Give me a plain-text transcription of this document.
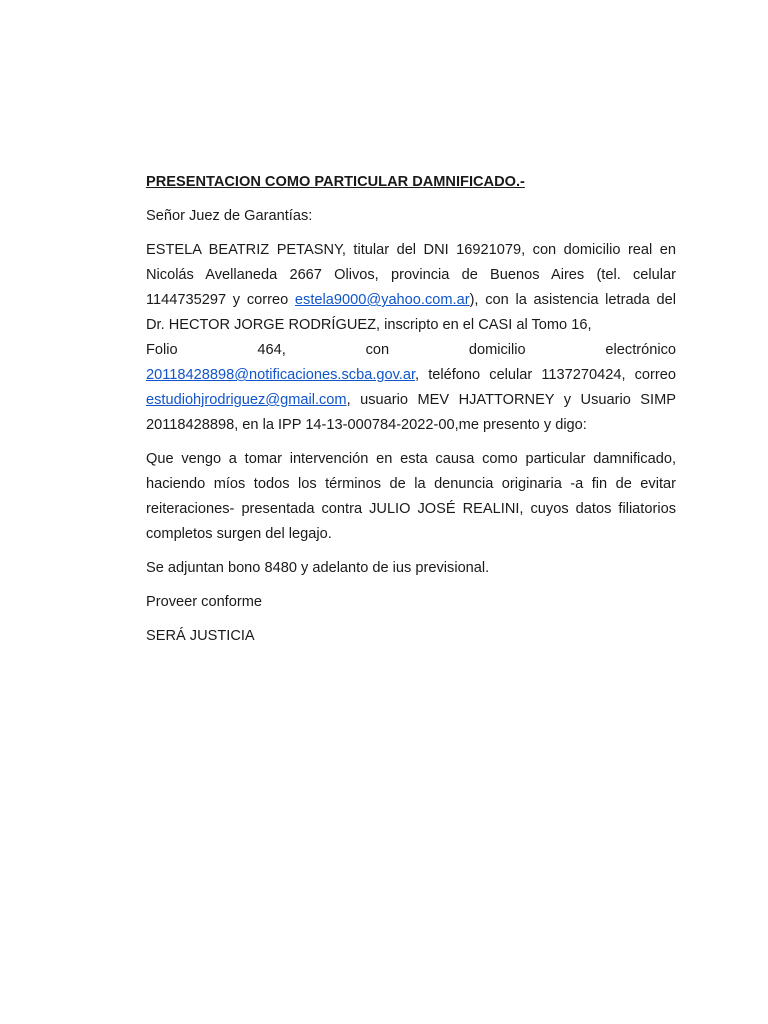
PRESENTACION COMO PARTICULAR DAMNIFICADO.-

Señor Juez de Garantías:

ESTELA BEATRIZ PETASNY, titular del DNI 16921079, con domicilio real en Nicolás Avellaneda 2667 Olivos, provincia de Buenos Aires (tel. celular 1144735297 y correo estela9000@yahoo.com.ar), con la asistencia letrada del Dr. HECTOR JORGE RODRÍGUEZ, inscripto en el CASI al Tomo 16,
Folio	464,	con	domicilio	electrónico
20118428898@notificaciones.scba.gov.ar, teléfono celular 1137270424, correo estudiohjrodriguez@gmail.com, usuario MEV HJATTORNEY y Usuario SIMP 20118428898, en la IPP 14-13-000784-2022-00,me presento y digo:

Que vengo a tomar intervención en esta causa como particular damnificado, haciendo míos todos los términos de la denuncia originaria -a fin de evitar reiteraciones- presentada contra JULIO JOSÉ REALINI, cuyos datos filiatorios completos surgen del legajo.

Se adjuntan bono 8480 y adelanto de ius previsional.

Proveer conforme

SERÁ JUSTICIA
